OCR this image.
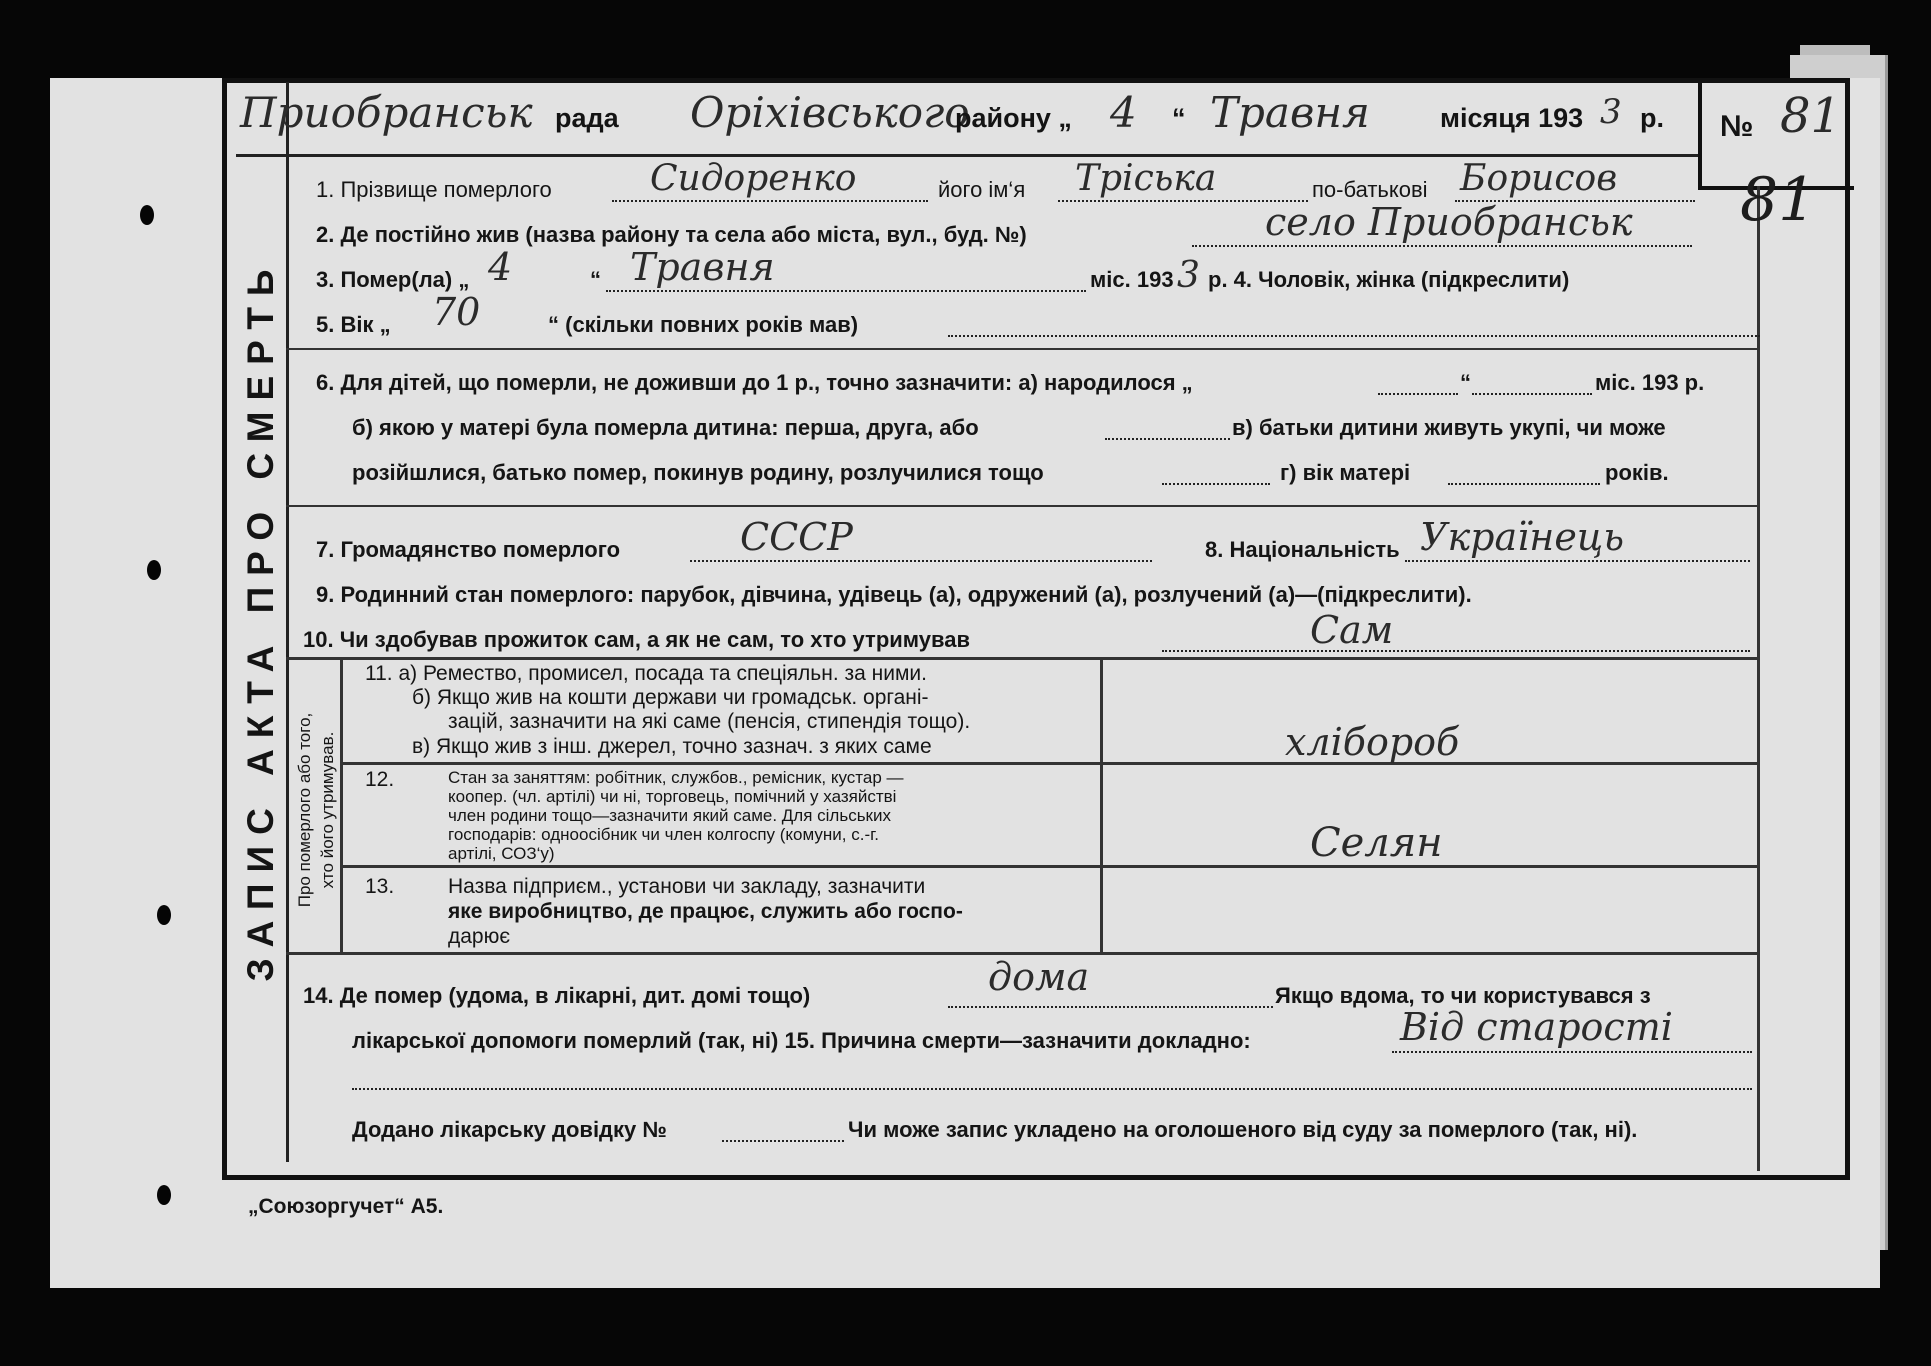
ЗАПИС АКТА ПРО СМЕРТЬ
Приобранськ рада Оріхівського
району „ 4 “ Травня	місяця 193 3 р. № 81
81
1. Прізвище померлого	Сидоренко	його ім‘я Тріська	по-батькові Борисов
2. Де постійно жив (назва району та села або міста, вул., буд. №)	село Приобранськ
3. Помер(ла) „ 4	“ Травня	міс. 193 3 р. 4. Чоловік, жінка (підкреслити)
5. Вік „ 70	“ (скільки повних років мав)
6. Для дітей, що померли, не доживши до 1 р., точно зазначити: а) народилося „	“	міс. 193 р.
б) якою у матері була померла дитина: перша, друга, або	в) батьки дитини живуть укупі, чи може
розійшлися, батько помер, покинув родину, розлучилися тощо	г) вік матері	років.
7. Громадянство померлого	СССР	8. Національність Українець
9. Родинний стан померлого: парубок, дівчина, удівець (а), одружений (а), розлучений (а)—(підкреслити).
10. Чи здобував прожиток сам, а як не сам, то хто утримував	Сам
Про померлого або того, хто його утримував.
11. а) Ремество, промисел, посада та спеціяльн. за ними.
б) Якщо жив на кошти держави чи громадськ. органі-
зацій, зазначити на які саме (пенсія, стипендія тощо).
в) Якщо жив з інш. джерел, точно зазнач. з яких саме	хлібороб
12.	Стан за заняттям: робітник, службов., ремісник, кустар —
коопер. (чл. артілі) чи ні, торговець, помічний у хазяйстві
член родини тощо—зазначити який саме. Для сільських
господарів: одноосібник чи член колгоспу (комуни, с.-г.
артілі, СОЗ‘у)	Селян
13.	Назва підприєм., установи чи закладу, зазначити
яке виробництво, де працює, служить або госпо-
дарює
14. Де помер (удома, в лікарні, дит. домі тощо)	дома	Якщо вдома, то чи користувався з
лікарської допомоги померлий (так, ні) 15. Причина смерти—зазначити докладно:	Від старості
Додано лікарську довідку №	Чи може запис укладено на оголошеного від суду за померлого (так, ні).
„Союзоргучет“ А5.
